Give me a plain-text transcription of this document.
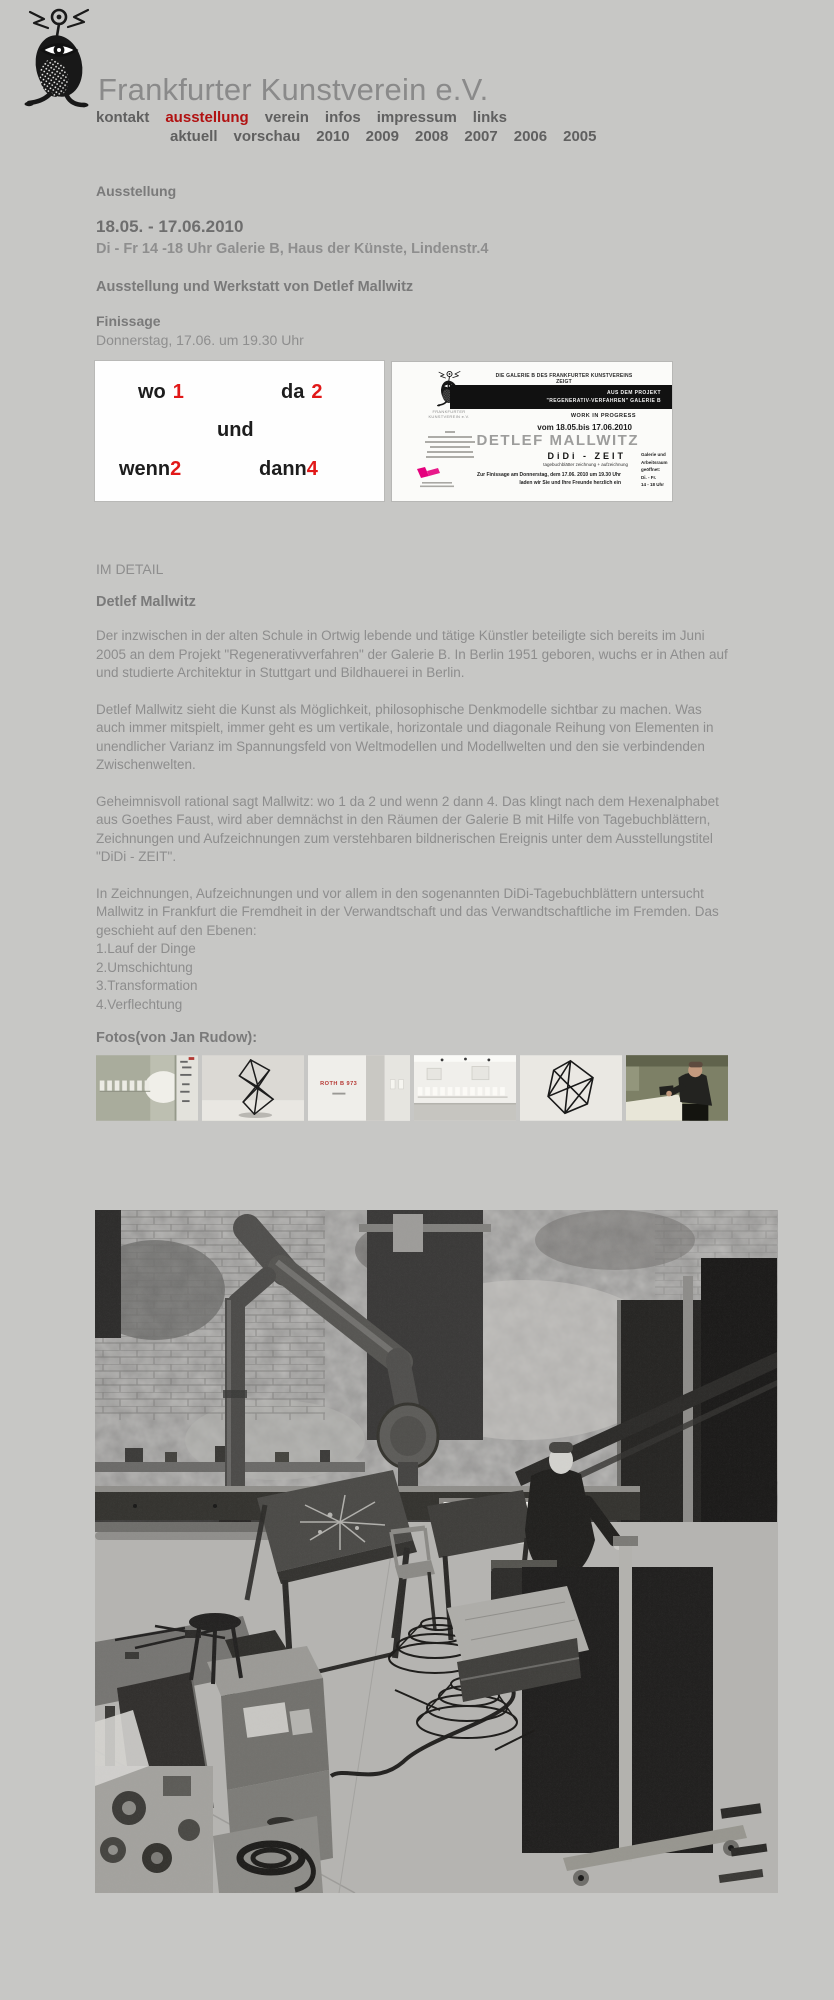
Frankfurter Kunstverein e.V.
kontakt ausstellung verein infos impressum links
aktuell vorschau 2010 2009 2008 2007 2006 2005
Ausstellung
18.05. - 17.06.2010
Di - Fr 14 -18 Uhr Galerie B, Haus der Künste, Lindenstr.4
Ausstellung und Werkstatt von Detlef Mallwitz
Finissage
Donnerstag, 17.06. um 19.30 Uhr
wo 1	da 2
und
wenn2	dann4
FRANKFURTER
KUNSTVEREIN e.V.
DIE GALERIE B DES FRANKFURTER KUNSTVEREINS ZEIGT
AUS DEM PROJEKT
"REGENERATIV-VERFAHREN" GALERIE B
WORK IN PROGRESS
vom 18.05.bis 17.06.2010
DETLEF MALLWITZ
DiDi - ZEIT
tagebuchblätter zeichnung + aufzeichnung
Zur Finissage am Donnerstag, dem 17.06. 2010 um 19.30 Uhr
laden wir Sie und Ihre Freunde herzlich ein
Galerie und
Arbeitsraum
geöffnet:
Di. - Fr.
14 - 18 Uhr
IM DETAIL
Detlef Mallwitz

Der inzwischen in der alten Schule in Ortwig lebende und tätige Künstler beteiligte sich bereits im Juni 2005 an dem Projekt "Regenerativverfahren" der Galerie B. In Berlin 1951 geboren, wuchs er in Athen auf und studierte Architektur in Stuttgart und Bildhauerei in Berlin.

Detlef Mallwitz sieht die Kunst als Möglichkeit, philosophische Denkmodelle sichtbar zu machen. Was auch immer mitspielt, immer geht es um vertikale, horizontale und diagonale Reihung von Elementen in unendlicher Varianz im Spannungsfeld von Weltmodellen und Modellwelten und den sie verbindenden Zwischenwelten.

Geheimnisvoll rational sagt Mallwitz: wo 1 da 2 und wenn 2 dann 4. Das klingt nach dem Hexenalphabet aus Goethes Faust, wird aber demnächst in den Räumen der Galerie B mit Hilfe von Tagebuchblättern, Zeichnungen und Aufzeichnungen zum verstehbaren bildnerischen Ereignis unter dem Ausstellungstitel "DiDi - ZEIT".

In Zeichnungen, Aufzeichnungen und vor allem in den sogenannten DiDi-Tagebuchblättern untersucht Mallwitz in Frankfurt die Fremdheit in der Verwandtschaft und das Verwandtschaftliche im Fremden. Das geschieht auf den Ebenen:

1.Lauf der Dinge
2.Umschichtung
3.Transformation
4.Verflechtung
Fotos(von Jan Rudow):
ROTH B 973
